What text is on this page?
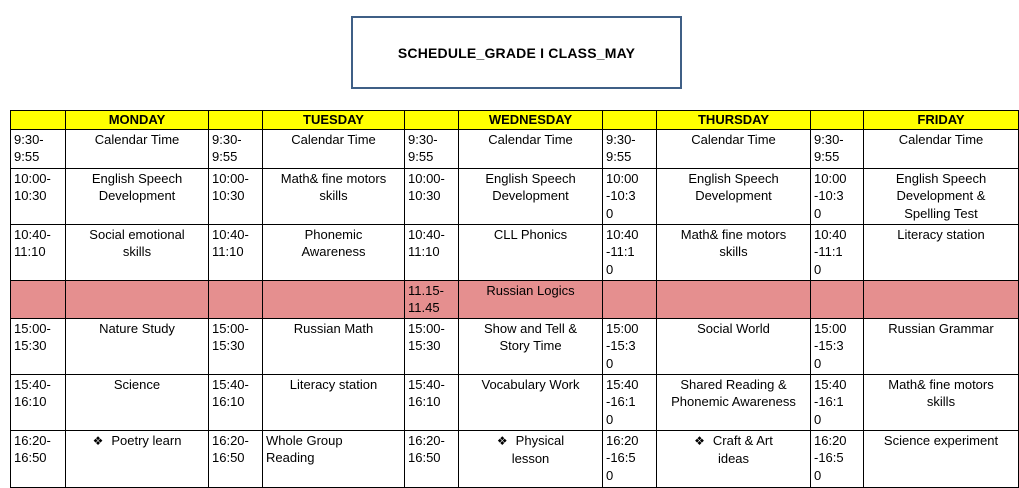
SCHEDULE_GRADE I CLASS_MAY
	MONDAY		TUESDAY		WEDNESDAY		THURSDAY		FRIDAY
9:30-
9:55	Calendar Time	9:30-
9:55	Calendar Time	9:30-
9:55	Calendar Time	9:30-
9:55	Calendar Time	9:30-
9:55	Calendar Time
10:00-
10:30	English Speech
Development	10:00-
10:30	Math& fine motors
skills	10:00-
10:30	English Speech
Development	10:00
-10:3
0	English Speech
Development	10:00
-10:3
0	English Speech
Development &
Spelling Test
10:40-
11:10	Social emotional
skills	10:40-
11:10	Phonemic
Awareness	10:40-
11:10	CLL Phonics	10:40
-11:1
0	Math& fine motors
skills	10:40
-11:1
0	Literacy station
				11.15-
11.45	Russian Logics				
15:00-
15:30	Nature Study	15:00-
15:30	Russian Math	15:00-
15:30	Show and Tell &
Story Time	15:00
-15:3
0	Social World	15:00
-15:3
0	Russian Grammar
15:40-
16:10	Science	15:40-
16:10	Literacy station	15:40-
16:10	Vocabulary Work	15:40
-16:1
0	Shared Reading &
Phonemic Awareness	15:40
-16:1
0	Math& fine motors
skills
16:20-
16:50	❖ Poetry learn	16:20-
16:50	Whole Group
Reading	16:20-
16:50	❖ Physical
lesson	16:20
-16:5
0	❖ Craft & Art
ideas	16:20
-16:5
0	Science experiment
